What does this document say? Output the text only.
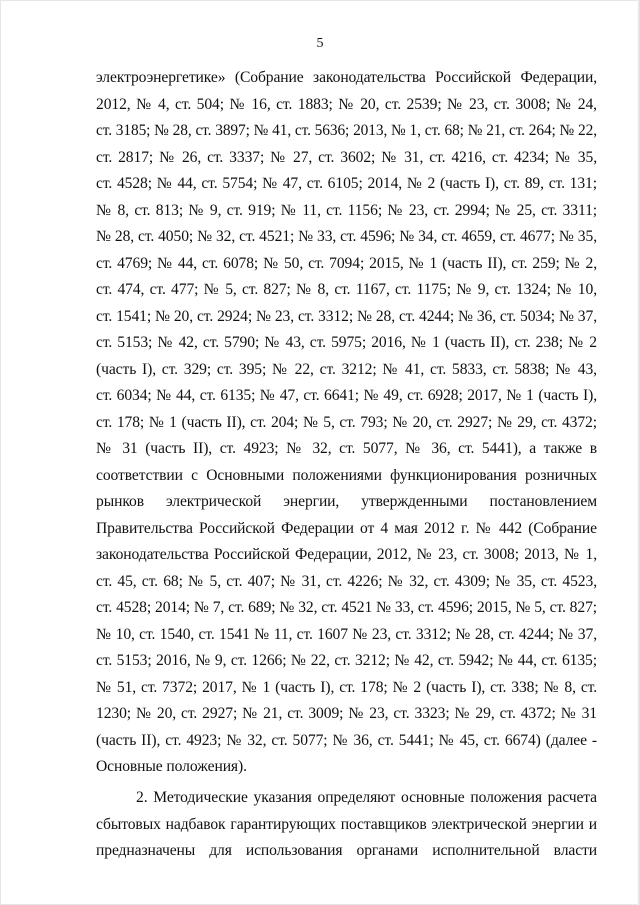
5
электроэнергетике» (Собрание законодательства Российской Федерации,
2012, № 4, ст. 504; № 16, ст. 1883; № 20, ст. 2539; № 23, ст. 3008; № 24,
ст. 3185; № 28, ст. 3897; № 41, ст. 5636; 2013, № 1, ст. 68; № 21, ст. 264; № 22,
ст. 2817; № 26, ст. 3337; № 27, ст. 3602; № 31, ст. 4216, ст. 4234; № 35,
ст. 4528; № 44, ст. 5754; № 47, ст. 6105; 2014, № 2 (часть I), ст. 89, ст. 131;
№ 8, ст. 813; № 9, ст. 919; № 11, ст. 1156; № 23, ст. 2994; № 25, ст. 3311;
№ 28, ст. 4050; № 32, ст. 4521; № 33, ст. 4596; № 34, ст. 4659, ст. 4677; № 35,
ст. 4769; № 44, ст. 6078; № 50, ст. 7094; 2015, № 1 (часть II), ст. 259; № 2,
ст. 474, ст. 477; № 5, ст. 827; № 8, ст. 1167, ст. 1175; № 9, ст. 1324; № 10,
ст. 1541; № 20, ст. 2924; № 23, ст. 3312; № 28, ст. 4244; № 36, ст. 5034; № 37,
ст. 5153; № 42, ст. 5790; № 43, ст. 5975; 2016, № 1 (часть II), ст. 238; № 2
(часть I), ст. 329; ст. 395; № 22, ст. 3212; № 41, ст. 5833, ст. 5838; № 43,
ст. 6034; № 44, ст. 6135; № 47, ст. 6641; № 49, ст. 6928; 2017, № 1 (часть I),
ст. 178; № 1 (часть II), ст. 204; № 5, ст. 793; № 20, ст. 2927; № 29, ст. 4372;
№ 31 (часть II), ст. 4923; № 32, ст. 5077, № 36, ст. 5441), а также в
соответствии с Основными положениями функционирования розничных
рынков электрической энергии, утвержденными постановлением
Правительства Российской Федерации от 4 мая 2012 г. № 442 (Собрание
законодательства Российской Федерации, 2012, № 23, ст. 3008; 2013, № 1,
ст. 45, ст. 68; № 5, ст. 407; № 31, ст. 4226; № 32, ст. 4309; № 35, ст. 4523,
ст. 4528; 2014; № 7, ст. 689; № 32, ст. 4521 № 33, ст. 4596; 2015, № 5, ст. 827;
№ 10, ст. 1540, ст. 1541 № 11, ст. 1607 № 23, ст. 3312; № 28, ст. 4244; № 37,
ст. 5153; 2016, № 9, ст. 1266; № 22, ст. 3212; № 42, ст. 5942; № 44, ст. 6135;
№ 51, ст. 7372; 2017, № 1 (часть I), ст. 178; № 2 (часть I), ст. 338; № 8, ст.
1230; № 20, ст. 2927; № 21, ст. 3009; № 23, ст. 3323; № 29, ст. 4372; № 31
(часть II), ст. 4923; № 32, ст. 5077; № 36, ст. 5441; № 45, ст. 6674) (далее -
Основные положения).
2. Методические указания определяют основные положения расчета
сбытовых надбавок гарантирующих поставщиков электрической энергии и
предназначены для использования органами исполнительной власти
